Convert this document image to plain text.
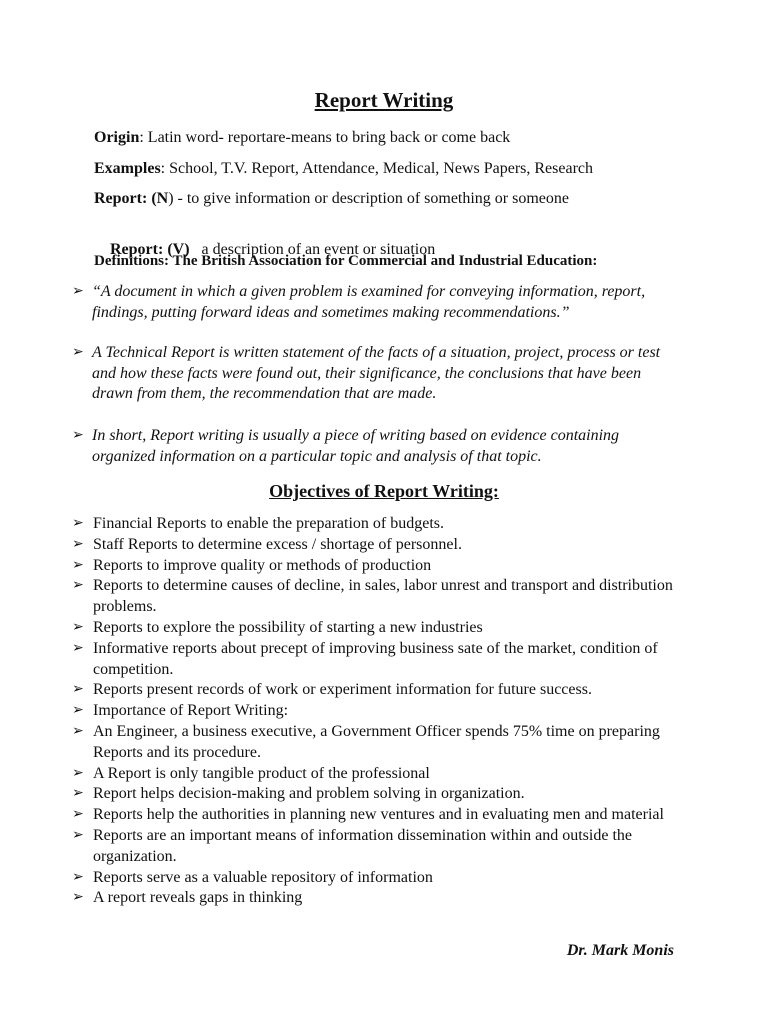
Report Writing
Origin: Latin word- reportare-means to bring back or come back
Examples: School, T.V. Report, Attendance, Medical, News Papers, Research
Report: (N) - to give information or description of something or someone

Report: (V)   a description of an event or situation

Definitions: The British Association for Commercial and Industrial Education:
➢ “A document in which a given problem is examined for conveying information, report, findings, putting forward ideas and sometimes making recommendations.”
➢ A Technical Report is written statement of the facts of a situation, project, process or test and how these facts were found out, their significance, the conclusions that have been drawn from them, the recommendation that are made.
➢ In short, Report writing is usually a piece of writing based on evidence containing organized information on a particular topic and analysis of that topic.
Objectives of Report Writing:
➢ Financial Reports to enable the preparation of budgets.
➢ Staff Reports to determine excess / shortage of personnel.
➢ Reports to improve quality or methods of production
➢ Reports to determine causes of decline, in sales, labor unrest and transport and distribution problems.
➢ Reports to explore the possibility of starting a new industries
➢ Informative reports about precept of improving business sate of the market, condition of competition.
➢ Reports present records of work or experiment information for future success.
➢ Importance of Report Writing:
➢ An Engineer, a business executive, a Government Officer spends 75% time on preparing Reports and its procedure.
➢ A Report is only tangible product of the professional
➢ Report helps decision-making and problem solving in organization.
➢ Reports help the authorities in planning new ventures and in evaluating men and material
➢ Reports are an important means of information dissemination within and outside the organization.
➢ Reports serve as a valuable repository of information
➢ A report reveals gaps in thinking
Dr. Mark Monis
